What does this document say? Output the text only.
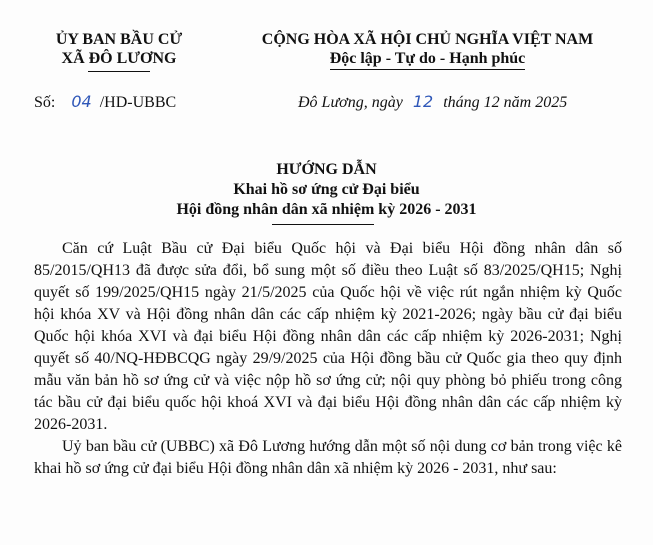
ỦY BAN BẦU CỬ
XÃ ĐÔ LƯƠNG
CỘNG HÒA XÃ HỘI CHỦ NGHĨA VIỆT NAM
Độc lập - Tự do - Hạnh phúc
Số: 04 /HD-UBBC	Đô Lương, ngày 12 tháng 12 năm 2025
HƯỚNG DẪN
Khai hồ sơ ứng cử Đại biểu
Hội đồng nhân dân xã nhiệm kỳ 2026 - 2031

Căn cứ Luật Bầu cử Đại biểu Quốc hội và Đại biểu Hội đồng nhân dân số 85/2015/QH13 đã được sửa đổi, bổ sung một số điều theo Luật số 83/2025/QH15; Nghị quyết số 199/2025/QH15 ngày 21/5/2025 của Quốc hội về việc rút ngắn nhiệm kỳ Quốc hội khóa XV và Hội đồng nhân dân các cấp nhiệm kỳ 2021-2026; ngày bầu cử đại biểu Quốc hội khóa XVI và đại biểu Hội đồng nhân dân các cấp nhiệm kỳ 2026-2031; Nghị quyết số 40/NQ-HĐBCQG ngày 29/9/2025 của Hội đồng bầu cử Quốc gia theo quy định mẫu văn bản hồ sơ ứng cử và việc nộp hồ sơ ứng cử; nội quy phòng bỏ phiếu trong công tác bầu cử đại biểu quốc hội khoá XVI và đại biểu Hội đồng nhân dân các cấp nhiệm kỳ 2026-2031.

Uỷ ban bầu cử (UBBC) xã Đô Lương hướng dẫn một số nội dung cơ bản trong việc kê khai hồ sơ ứng cử đại biểu Hội đồng nhân dân xã nhiệm kỳ 2026 - 2031, như sau:
